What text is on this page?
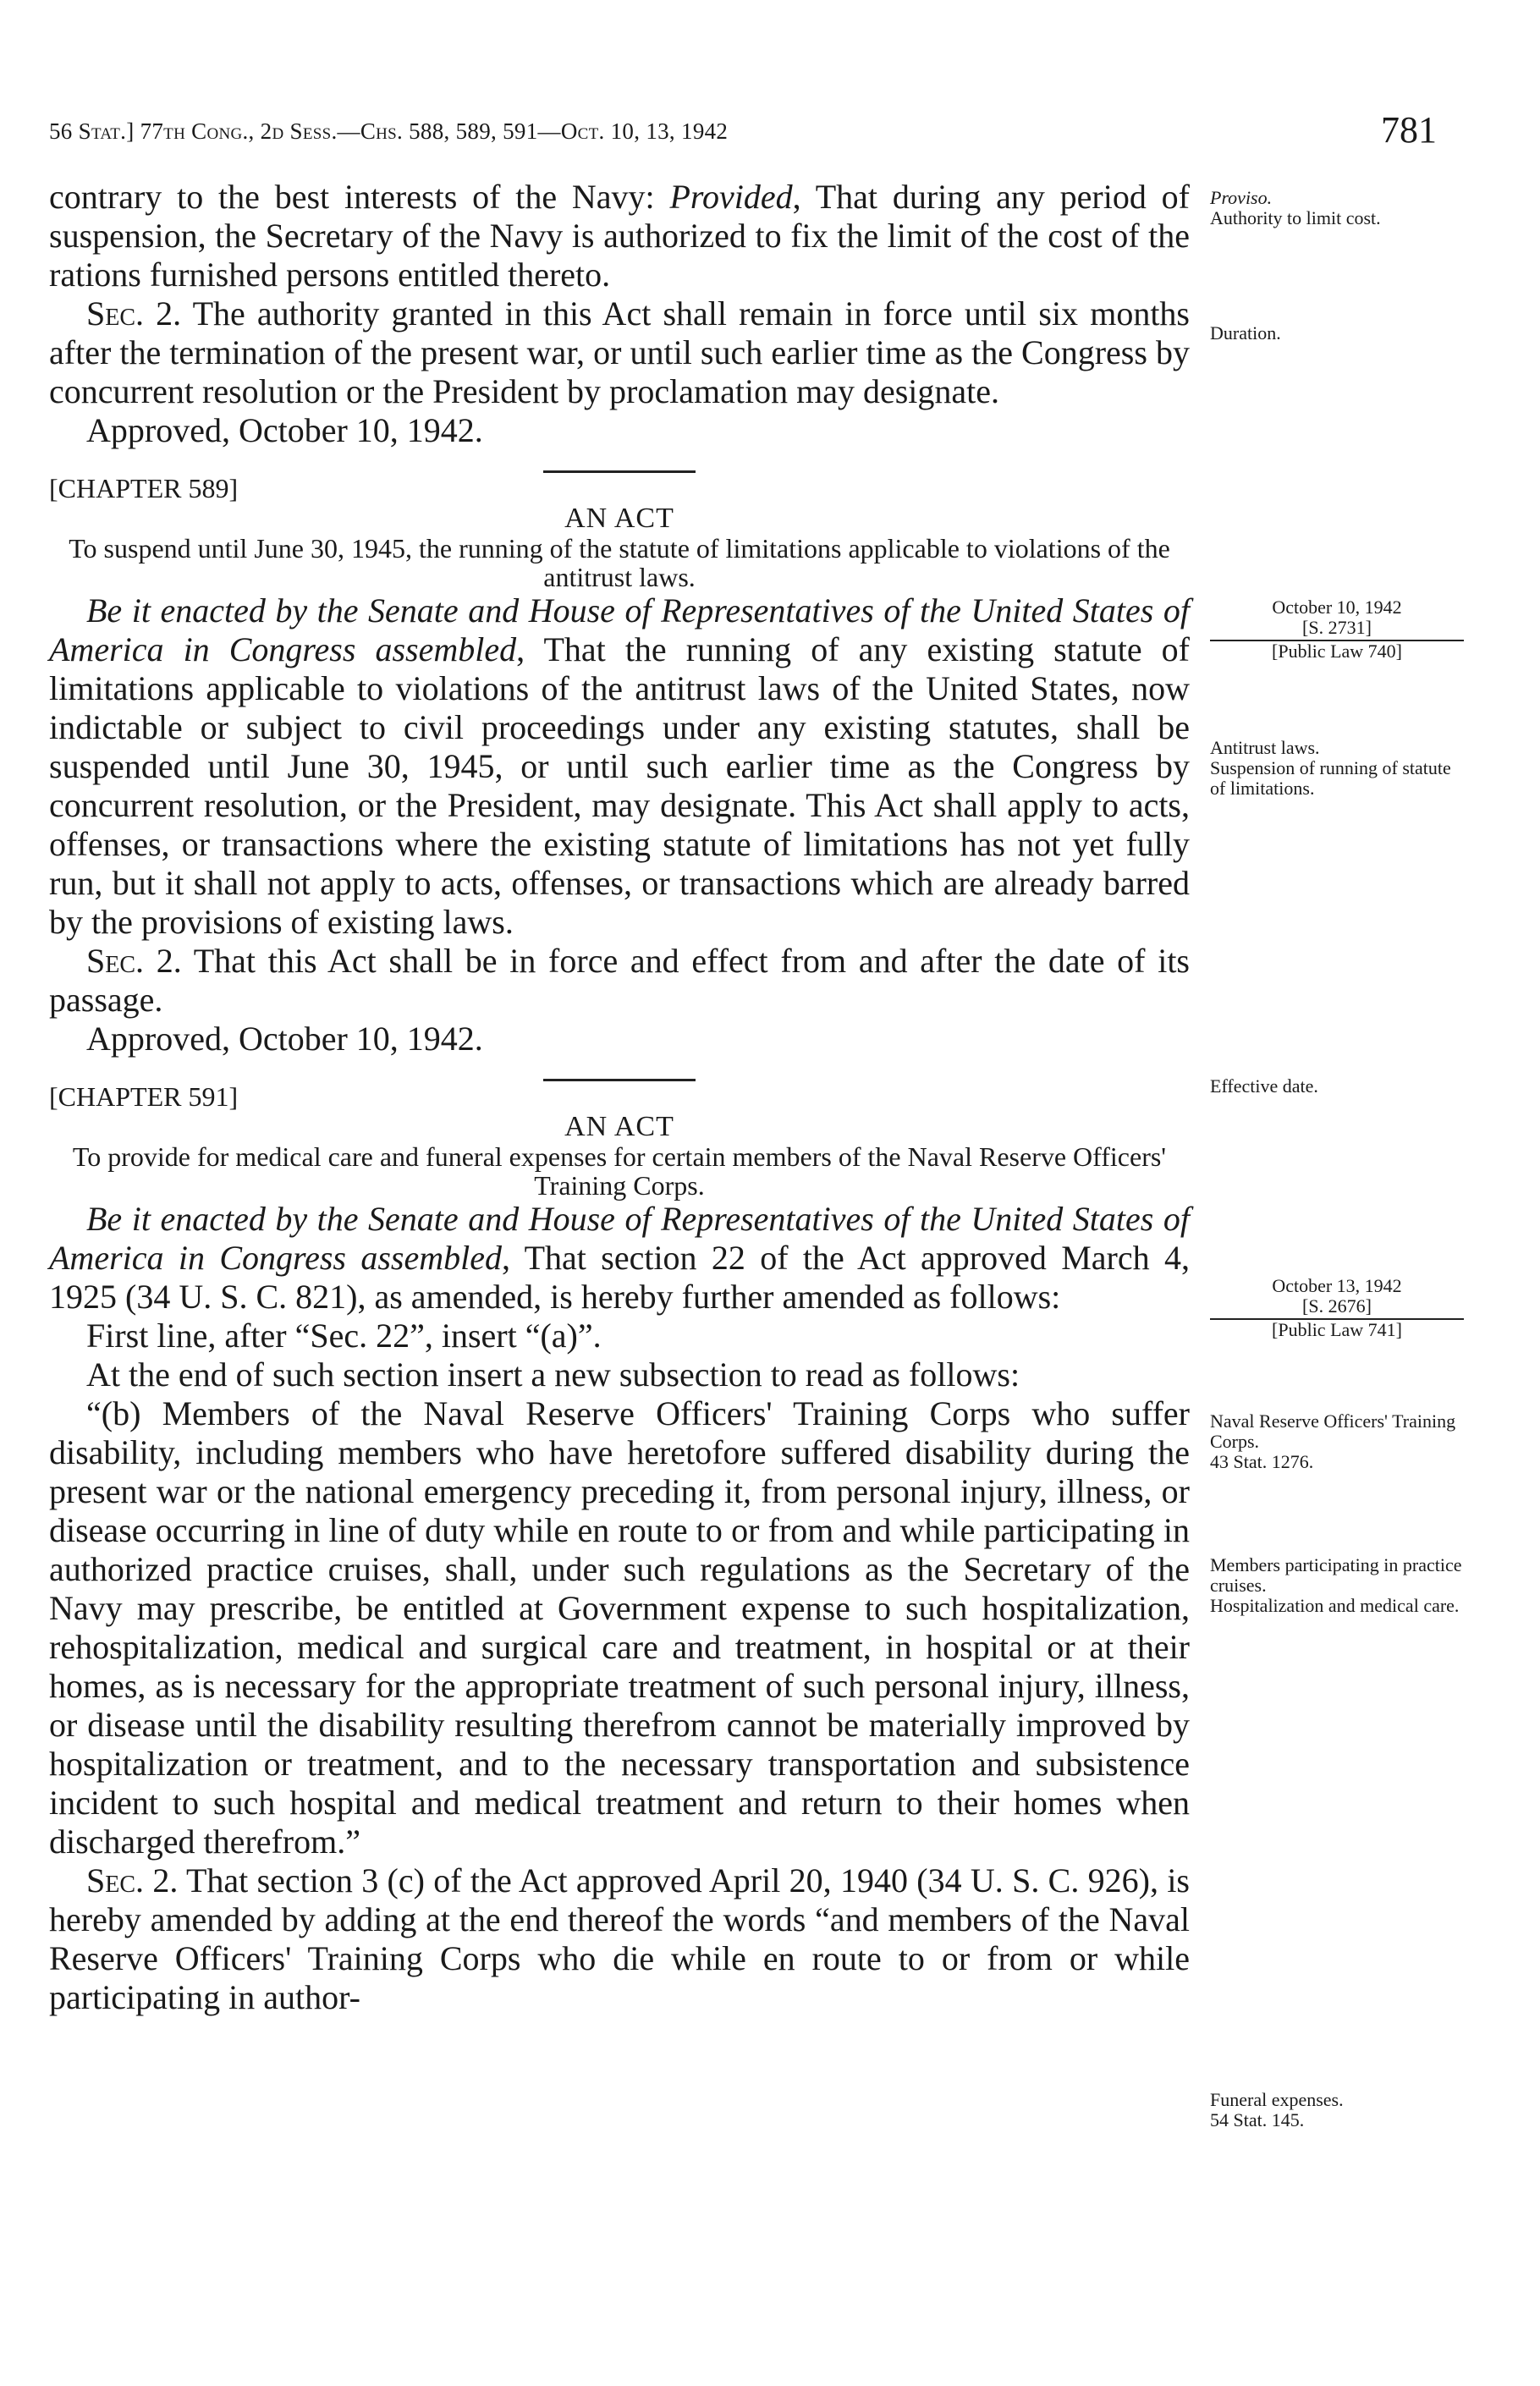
56 Stat.] 77th Cong., 2d Sess.—Chs. 588, 589, 591—Oct. 10, 13, 1942	781

contrary to the best interests of the Navy: Provided, That during any period of suspension, the Secretary of the Navy is authorized to fix the limit of the cost of the rations furnished persons entitled thereto.

Sec. 2. The authority granted in this Act shall remain in force until six months after the termination of the present war, or until such earlier time as the Congress by concurrent resolution or the President by proclamation may designate.

Approved, October 10, 1942.

[CHAPTER 589]

AN ACT

To suspend until June 30, 1945, the running of the statute of limitations applicable to violations of the antitrust laws.

Be it enacted by the Senate and House of Representatives of the United States of America in Congress assembled, That the running of any existing statute of limitations applicable to violations of the antitrust laws of the United States, now indictable or subject to civil proceedings under any existing statutes, shall be suspended until June 30, 1945, or until such earlier time as the Congress by concurrent resolution, or the President, may designate. This Act shall apply to acts, offenses, or transactions where the existing statute of limitations has not yet fully run, but it shall not apply to acts, offenses, or transactions which are already barred by the provisions of existing laws.

Sec. 2. That this Act shall be in force and effect from and after the date of its passage.

Approved, October 10, 1942.

[CHAPTER 591]

AN ACT

To provide for medical care and funeral expenses for certain members of the Naval Reserve Officers' Training Corps.

Be it enacted by the Senate and House of Representatives of the United States of America in Congress assembled, That section 22 of the Act approved March 4, 1925 (34 U. S. C. 821), as amended, is hereby further amended as follows:

First line, after “Sec. 22”, insert “(a)”.

At the end of such section insert a new subsection to read as follows:

“(b) Members of the Naval Reserve Officers' Training Corps who suffer disability, including members who have heretofore suffered disability during the present war or the national emergency preceding it, from personal injury, illness, or disease occurring in line of duty while en route to or from and while participating in authorized practice cruises, shall, under such regulations as the Secretary of the Navy may prescribe, be entitled at Government expense to such hospitalization, rehospitalization, medical and surgical care and treatment, in hospital or at their homes, as is necessary for the appropriate treatment of such personal injury, illness, or disease until the disability resulting therefrom cannot be materially improved by hospitalization or treatment, and to the necessary transportation and subsistence incident to such hospital and medical treatment and return to their homes when discharged therefrom.”

Sec. 2. That section 3 (c) of the Act approved April 20, 1940 (34 U. S. C. 926), is hereby amended by adding at the end thereof the words “and members of the Naval Reserve Officers' Training Corps who die while en route to or from or while participating in author-

Proviso.

Authority to limit cost.

Duration.

October 10, 1942

[S. 2731]

[Public Law 740]

Antitrust laws.

Suspension of running of statute of limitations.

Effective date.

October 13, 1942

[S. 2676]

[Public Law 741]

Naval Reserve Officers' Training Corps.

43 Stat. 1276.

Members participating in practice cruises.

Hospitalization and medical care.

Funeral expenses.

54 Stat. 145.
